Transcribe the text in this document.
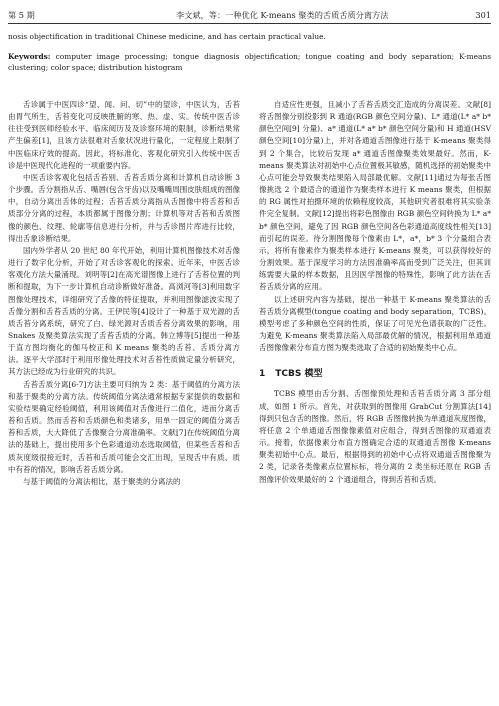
第 5 期	李文斌，等：一种优化 K-means 聚类的舌质舌质分离方法	301
nosis objectification in traditional Chinese medicine, and has certain practical value.
Keywords: computer image processing; tongue diagnosis objectification; tongue coating and body separation; K-means clustering; color space; distribution histogram

舌诊属于中医四诊“望、闻、问、切”中的望诊，中医认为，舌苔由胃气所生，舌苔变化可反映胜腑的寒、热、虚、实。传统中医舌诊往往受到医师经验水平、临床阅历及及诊察环境的限制，诊断结果常产生偏差[1]，且该方法很难对舌象状况进行量化，一定程度上限制了中医临床疗效的提高。因此，将标准化、客观化研究引入传统中医舌诊是中医现代化进程的一项重要内容。

中医舌诊客观化包括舌苔别、舌苔舌质分离和计算机自动诊断 3 个步骤。舌分割指从舌、嘴唇(包含牙齿)以及嘴嘴周围皮肤组成的图像中，自动分离出舌体的过程；舌苔舌质分离指从舌图像中将舌苔和舌质部分分离的过程，本质都属于图像分割；计算机等对舌苔和舌质图像的颜色、纹理、轮廓等信息进行分析，并与舌诊图片库进行比较，得出舌象诊断结果。

国内外学者从 20 世纪 80 年代开始，利用计算机图像技术对舌像进行了数字化分析，开始了对舌诊客观化的探索。近年来，中医舌诊客观化方法大量涌现。刘明等[2]在高光谱图像上进行了舌苔位置的判断和提取，为下一步计算机自动诊断做好准备。高浏河等[3]利用数字图像处理技术，详细研究了舌像的特征提取，并利用图像滤波实现了舌像分割和舌苔舌质的分离。王伊民等[4]设计了一种基于双光源的舌质舌苔分离系统，研究了白、绿光源对舌质舌苔分离效果的影响，用 Snakes 及聚类算法实现了舌苔舌质的分离。韩立博等[5]提出一种基于直方图均衡化的伽马校正和 K means 聚类的舌苔、舌质分离方法。逐平大学邵时于利用形像处理技术对舌苔性质做定量分析研究，其方法已经成为行业研究的共识。

舌苔舌质分离[6-7]方法主要可归纳为 2 类：基于阈值的分离方法和基于聚类的分离方法。传统阈值分离法通常根据专家提供的数据和实验结果确定经验阈值，利用该阈值对舌像进行二值化，进而分离舌苔和舌质。然而舌苔和舌质颜色和类诸多，用单一固定的阈值分离舌苔和舌质，大大降低了舌像聚合分离准确率。文献[7]在传统阈值分离法的基础上，提出使用多个色彩通道动态选取阈值，但某些舌苔和舌质灰度级很接近时，舌苔和舌质可能会交汇出现，呈现舌中有质、质中有苔的情况，影响舌苔舌质分离。

与基于阈值的分离法相比，基于聚类的分离法的

自适应性更强，且减小了舌苔舌质交汇造成的分离误差。文献[8]将舌图像分别投影到 R 通道(RGB 颜色空间分量)、L* 通道(L* a* b* 颜色空间[9] 分量)、a* 通道(L* a* b* 颜色空间分量)和 H 通道(HSV 颜色空间[10]分量)上，并对各通道舌图像进行基于 K-means 聚类得到 2 个集合，比较后发现 a* 通道舌图像聚类效果最好。然而，K-means 聚类算法对初始中心点位置极其敏感，随机选择的初始聚类中心点可能会导致聚类结果陷入局部最优解。文献[11]通过为每张舌图像挑选 2 个最适合的通道作为聚类样本进行 K means 聚类，但根据的 RG 属性对拍摄环境的依赖程度较高，其他研究者很难将其实验条件完全复制。文献[12]提出将彩色图像由 RGB 颜色空间转换为 L* a* b* 颜色空间，避免了因 RGB 颜色空间各色彩通道高度线性相关[13]而引起的误差。待分割图像每个像素由 L*，a*，b* 3 个分量组合表示，将所有像素作为聚类样本进行 K-means 聚类，可以获得较好的分割效果。基于深度学习的方法因准确率高而受到广泛关注，但其训练需要大量的样本数据，且因医学图像的特殊性，影响了此方法在舌苔舌质分离的应用。

以上述研究内容为基础，提出一种基于 K-means 聚类算法的舌苔舌质分离模型(tongue coating and body separation，TCBS)。模型考虑了多种颜色空间的性质，保证了可见光色谱获取的广泛性。为避免 K-means 聚类算法陷入局部最优解的情况，根据利用单通道舌图像像素分布直方图为聚类选取了合适的初始聚类中心点。

1 TCBS 模型

TCBS 模型由舌分割、舌图像预处理和舌苔舌质分离 3 部分组成，如图 1 所示。首先，对获取到的图像用 GrabCut 分割算法[14]得到只包含舌的图像。然后，将 RGB 舌图像转换为单通道灰度图像，将任意 2 个单通道舌图像像素值对应组合，得到舌图像的双通道表示。接着，依据像素分布直方图确定合适的双通道舌图像 K-means 聚类初始中心点。最后，根据得到的初始中心点将双通道舌图像聚为 2 类，记录各类像素点位置标标，将分离的 2 类坐标还原在 RGB 舌图像评价效果最好的 2 个通道组合，得到舌苔和舌质。
